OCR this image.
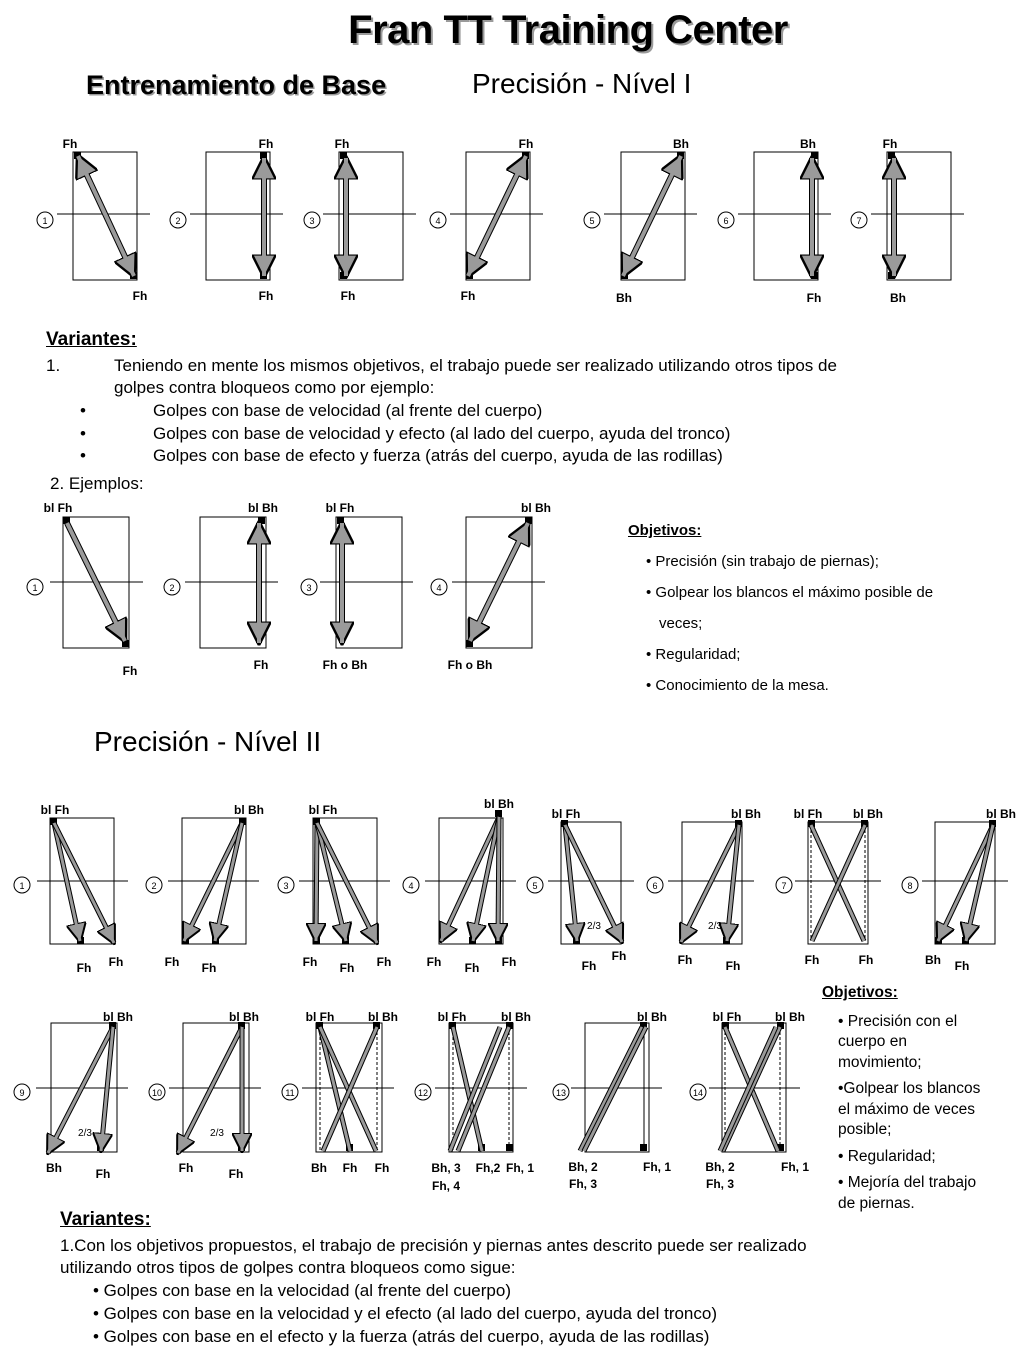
Fran TT Training Center
Entrenamiento de Base	Precisión - Nível I
1
Fh
Fh
2
Fh
Fh
3
Fh
Fh
4
Fh
Fh
5
Bh
Bh
6
Bh
Fh
7
Fh
Bh
Variantes:
1.	Teniendo en mente los mismos objetivos, el trabajo puede ser realizado utilizando otros tipos de
golpes contra bloqueos como por ejemplo:
•
•
•
Golpes con base de velocidad (al frente del cuerpo)
Golpes con base de velocidad y efecto (al lado del cuerpo, ayuda del tronco)
Golpes con base de efecto y fuerza (atrás del cuerpo, ayuda de las rodillas)
2. Ejemplos:
1
bl Fh
Fh
2
bl Bh
Fh
3
bl Fh
Fh o Bh
4
bl Bh
Fh o Bh
Objetivos:
• Precisión (sin trabajo de piernas);
• Golpear los blancos el máximo posible de
veces;
• Regularidad;
• Conocimiento de la mesa.
Precisión - Nível II
1
bl Fh
Fh Fh
2
bl Bh
Fh Fh
3
bl Fh
Fh Fh Fh
4
bl Bh
Fh Fh Fh
5
bl Fh
2/3
Fh
Fh
6
bl Bh
2/3
Fh	Fh
7
bl Fh	bl Bh
Fh	Fh
8
bl Bh
Bh Fh
9
bl Bh
2/3
Bh	Fh
10
bl Bh
2/3
Fh	Fh
11
bl Fh	bl Bh
Bh Fh Fh
12
bl Fh	bl Bh
Bh, 3 Fh,2 Fh, 1
Fh, 4
13
bl Bh
Bh, 2	Fh, 1
Fh, 3
14
bl Fh	bl Bh
Bh, 2	Fh, 1
Fh, 3
Objetivos:
• Precisión con el
cuerpo en
movimiento;
•Golpear los blancos
el máximo de veces
posible;
• Regularidad;
• Mejoría del trabajo
de piernas.
Variantes:
1.Con los objetivos propuestos, el trabajo de precisión y piernas antes descrito puede ser realizado
utilizando otros tipos de golpes contra bloqueos como sigue:
• Golpes con base en la velocidad (al frente del cuerpo)
• Golpes con base en la velocidad y el efecto (al lado del cuerpo, ayuda del tronco)
• Golpes con base en el efecto y la fuerza (atrás del cuerpo, ayuda de las rodillas)
